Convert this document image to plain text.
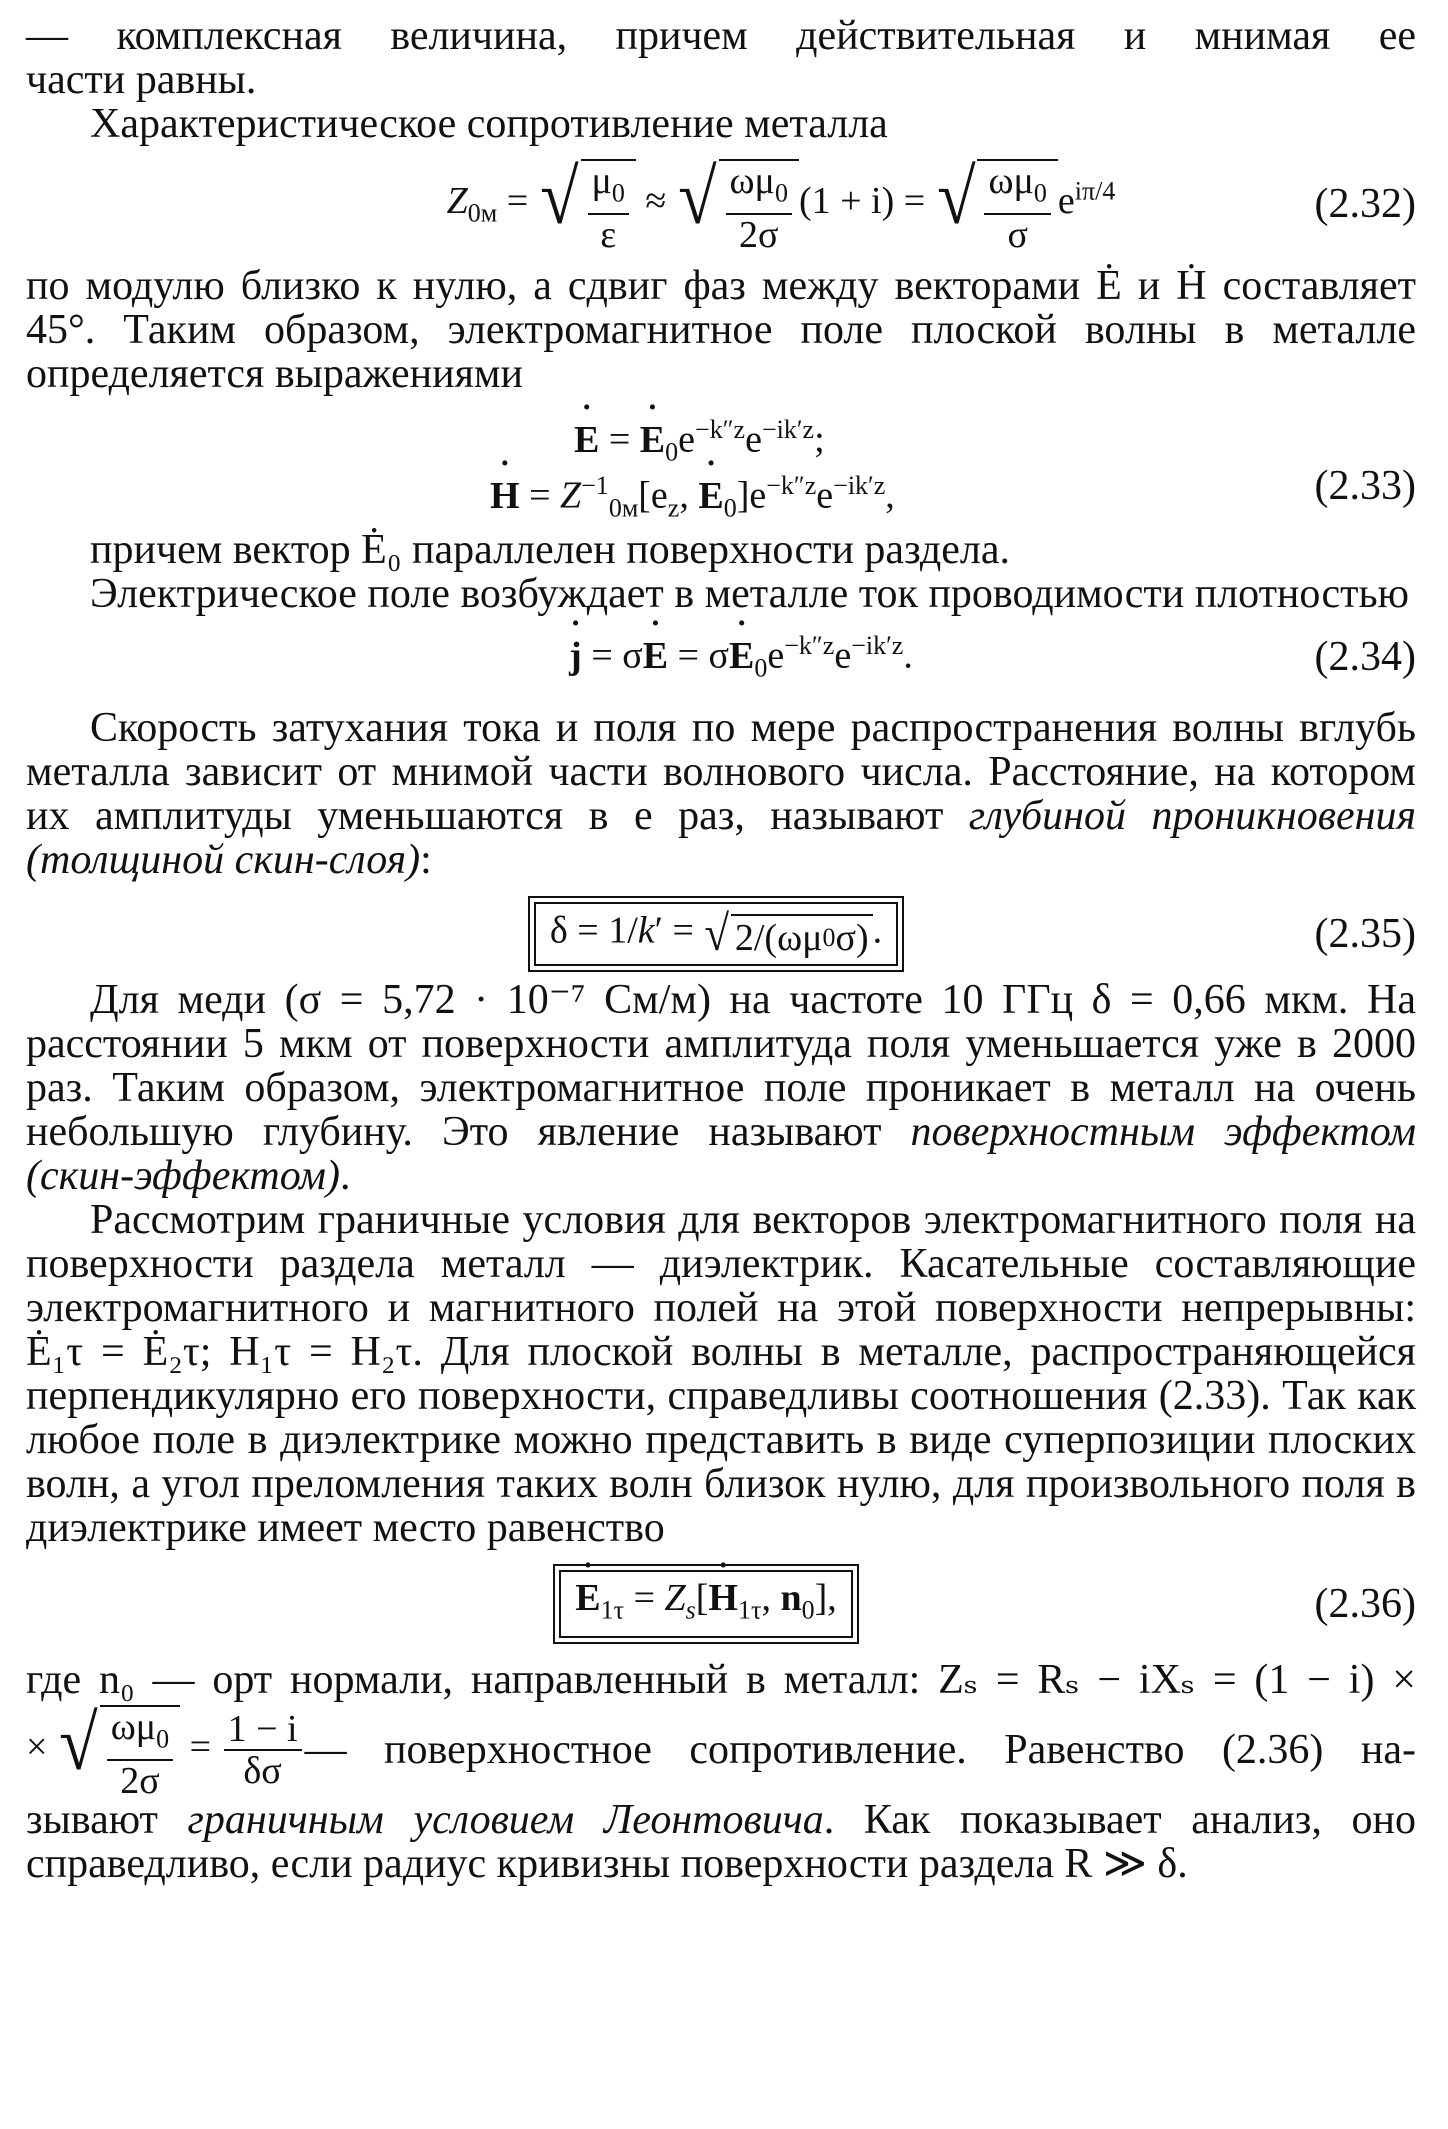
— комплексная величина, причем действительная и мнимая ее

части равны.

Характеристическое сопротивление металла

$Z_{0м}$ = √ $\frac{\mu_0}{\varepsilon}$ ≈ √ $\frac{\omega\mu_0}{2\sigma} (1 + i)$ = √ $\frac{\omega\mu_0}{\sigma} e^{i\pi/4}$	(2.32)

по модулю близко к нулю, а сдвиг фаз между векторами Ė и Ḣ составляет 45°. Таким образом, электромагнитное поле плоской волны в металле определяется выражениями

E ˙ = E $˙_0e^{-k''z}e^{-ik'z}$;
H ˙ = $Z^{-1}_{0м}[e_z$, E $˙_0]e^{-k''z}e^{-ik'z}$,	(2.33)

причем вектор Ė₀ параллелен поверхности раздела.

Электрическое поле возбуждает в металле ток проводимости плотностью

j ˙ = σE ˙ = σE $˙_0e^{-k''z}e^{-ik'z}$.	(2.34)

Скорость затухания тока и поля по мере распространения волны вглубь металла зависит от мнимой части волнового числа. Расстояние, на котором их амплитуды уменьшаются в e раз, называют глубиной проникновения (толщиной скин-слоя):

δ = 1/k′ = √ 2/(ωμ 0 σ) .	(2.35)

Для меди (σ = 5,72 · 10⁻⁷ См/м) на частоте 10 ГГц δ = 0,66 мкм. На расстоянии 5 мкм от поверхности амплитуда поля уменьшается уже в 2000 раз. Таким образом, электромагнитное поле проникает в металл на очень небольшую глубину. Это явление называют поверхностным эффектом (скин-эффектом).

Рассмотрим граничные условия для векторов электромагнитного поля на поверхности раздела металл — диэлектрик. Касательные составляющие электромагнитного и магнитного полей на этой поверхности непрерывны: Ė₁τ = Ė₂τ; H₁τ = H₂τ. Для плоской волны в металле, распространяющейся перпендикулярно его поверхности, справедливы соотношения (2.33). Так как любое поле в диэлектрике можно представить в виде суперпозиции плоских волн, а угол преломления таких волн близок нулю, для произвольного поля в диэлектрике имеет место равенство

E $˙_{1\tau} = Z_s[H$ $˙_{1\tau}$, $n_0$],	(2.36)

где n₀ — орт нормали, направленный в металл: Zₛ = Rₛ − iXₛ = (1 − i) ×

× √ $\frac{\omega\mu_0}{2\sigma} = \frac{1 - i}{\delta\sigma}$ — поверхностное сопротивление. Равенство (2.36) на-

зывают граничным условием Леонтовича. Как показывает анализ, оно справедливо, если радиус кривизны поверхности раздела R ≫ δ.
